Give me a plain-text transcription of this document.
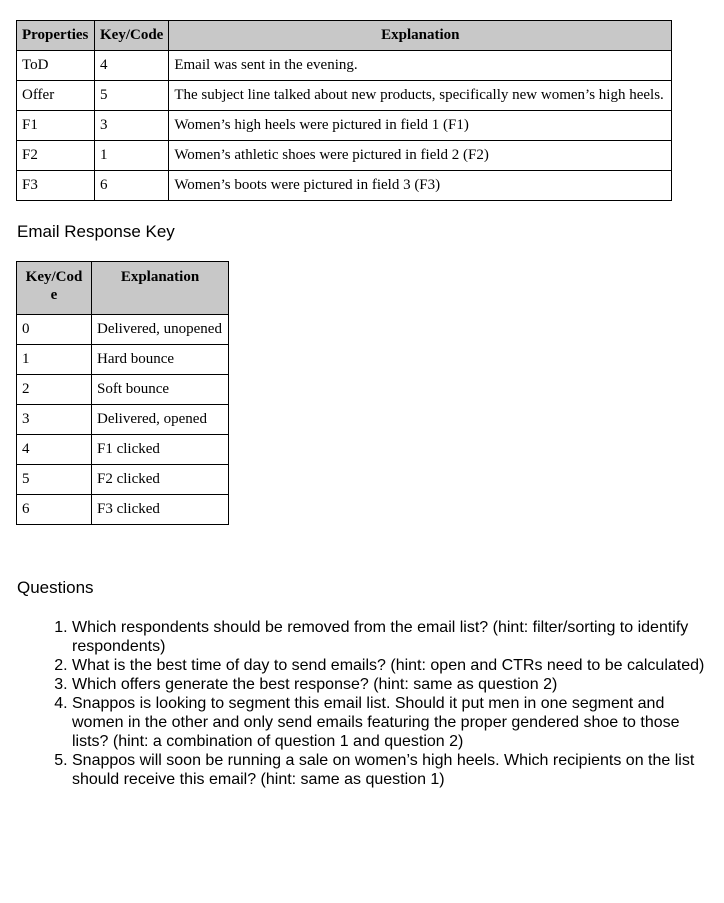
Properties	Key/Code	Explanation
ToD	4	Email was sent in the evening.
Offer	5	The subject line talked about new products, specifically new women’s high heels.
F1	3	Women’s high heels were pictured in field 1 (F1)
F2	1	Women’s athletic shoes were pictured in field 2 (F2)
F3	6	Women’s boots were pictured in field 3 (F3)
Email Response Key
Key/Cod e	Explanation
0	Delivered, unopened
1	Hard bounce
2	Soft bounce
3	Delivered, opened
4	F1 clicked
5	F2 clicked
6	F3 clicked
Questions
1. Which respondents should be removed from the email list? (hint: filter/sorting to identify respondents)
2. What is the best time of day to send emails? (hint: open and CTRs need to be calculated)
3. Which offers generate the best response? (hint: same as question 2)
4. Snappos is looking to segment this email list. Should it put men in one segment and women in the other and only send emails featuring the proper gendered shoe to those lists? (hint: a combination of question 1 and question 2)
5. Snappos will soon be running a sale on women’s high heels. Which recipients on the list should receive this email? (hint: same as question 1)
